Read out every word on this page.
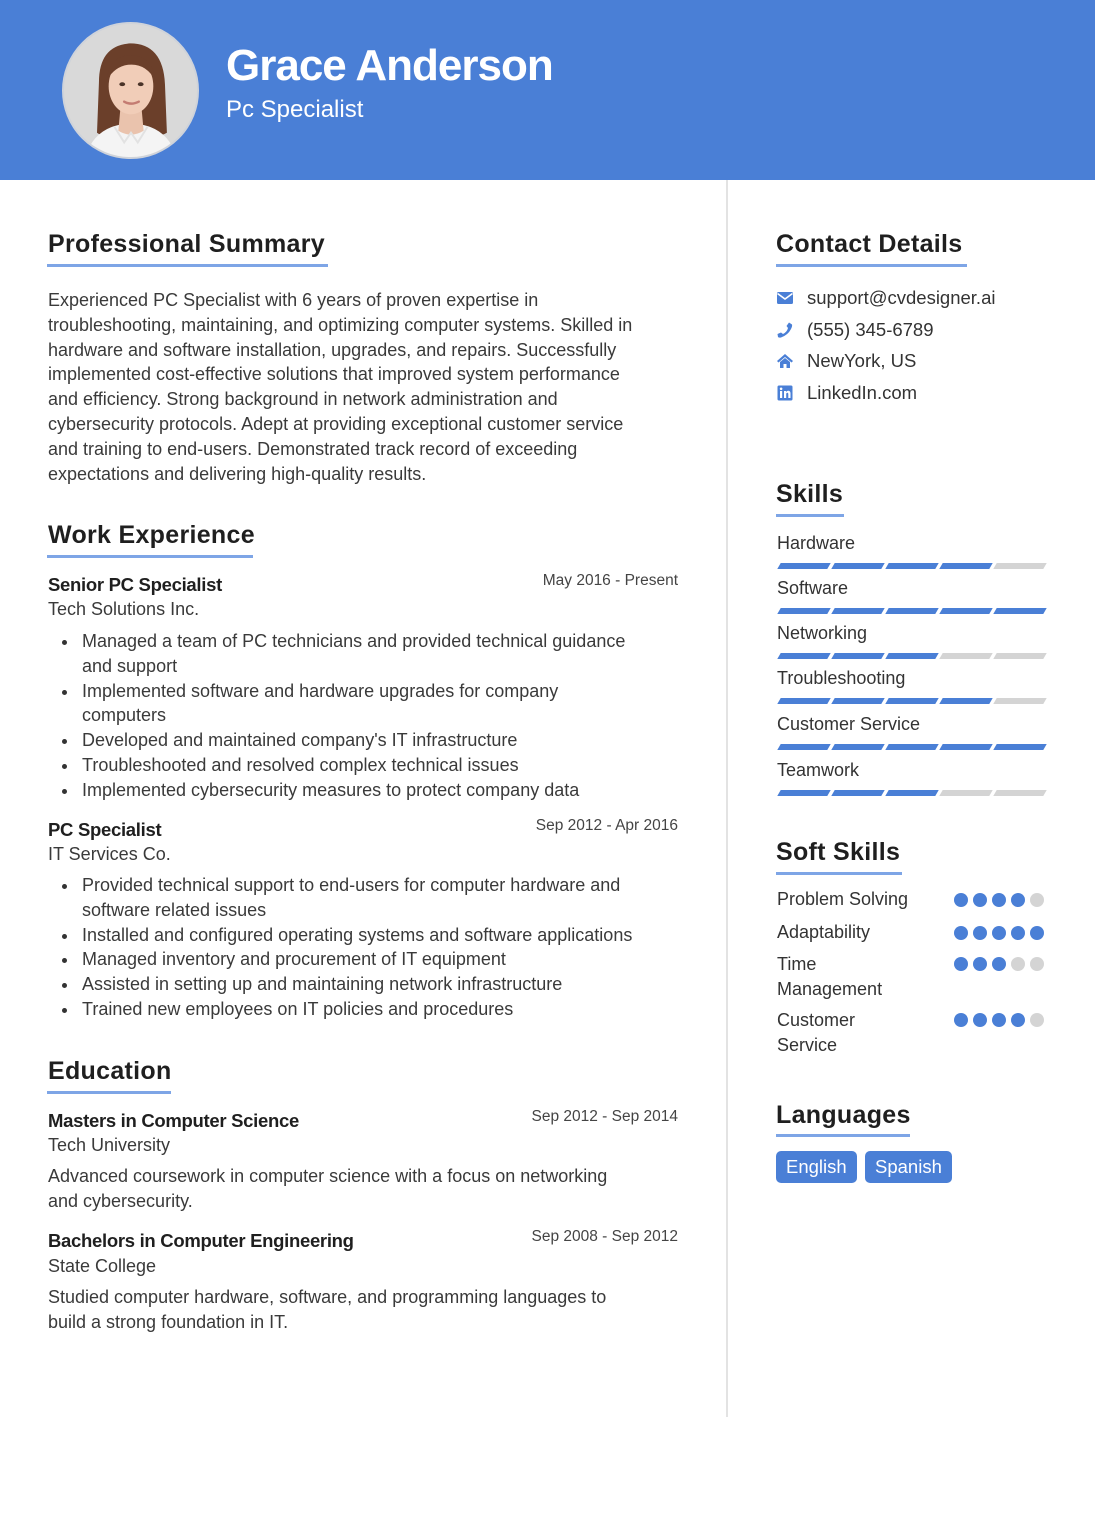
Grace Anderson
Pc Specialist
Professional Summary
Experienced PC Specialist with 6 years of proven expertise in
troubleshooting, maintaining, and optimizing computer systems. Skilled in
hardware and software installation, upgrades, and repairs. Successfully
implemented cost-effective solutions that improved system performance
and efficiency. Strong background in network administration and
cybersecurity protocols. Adept at providing exceptional customer service
and training to end-users. Demonstrated track record of exceeding
expectations and delivering high-quality results.
Work Experience
Senior PC Specialist	May 2016 - Present
Tech Solutions Inc.
Managed a team of PC technicians and provided technical guidance
and support
Implemented software and hardware upgrades for company
computers
Developed and maintained company's IT infrastructure
Troubleshooted and resolved complex technical issues
Implemented cybersecurity measures to protect company data
PC Specialist	Sep 2012 - Apr 2016
IT Services Co.
Provided technical support to end-users for computer hardware and
software related issues
Installed and configured operating systems and software applications
Managed inventory and procurement of IT equipment
Assisted in setting up and maintaining network infrastructure
Trained new employees on IT policies and procedures
Education
Masters in Computer Science	Sep 2012 - Sep 2014
Tech University
Advanced coursework in computer science with a focus on networking
and cybersecurity.
Bachelors in Computer Engineering	Sep 2008 - Sep 2012
State College
Studied computer hardware, software, and programming languages to
build a strong foundation in IT.
Contact Details
support@cvdesigner.ai
(555) 345-6789
NewYork, US
LinkedIn.com
Skills
Hardware
Software
Networking
Troubleshooting
Customer Service
Teamwork
Soft Skills
Problem Solving
Adaptability
Time Management
Customer Service
Languages
English	Spanish
